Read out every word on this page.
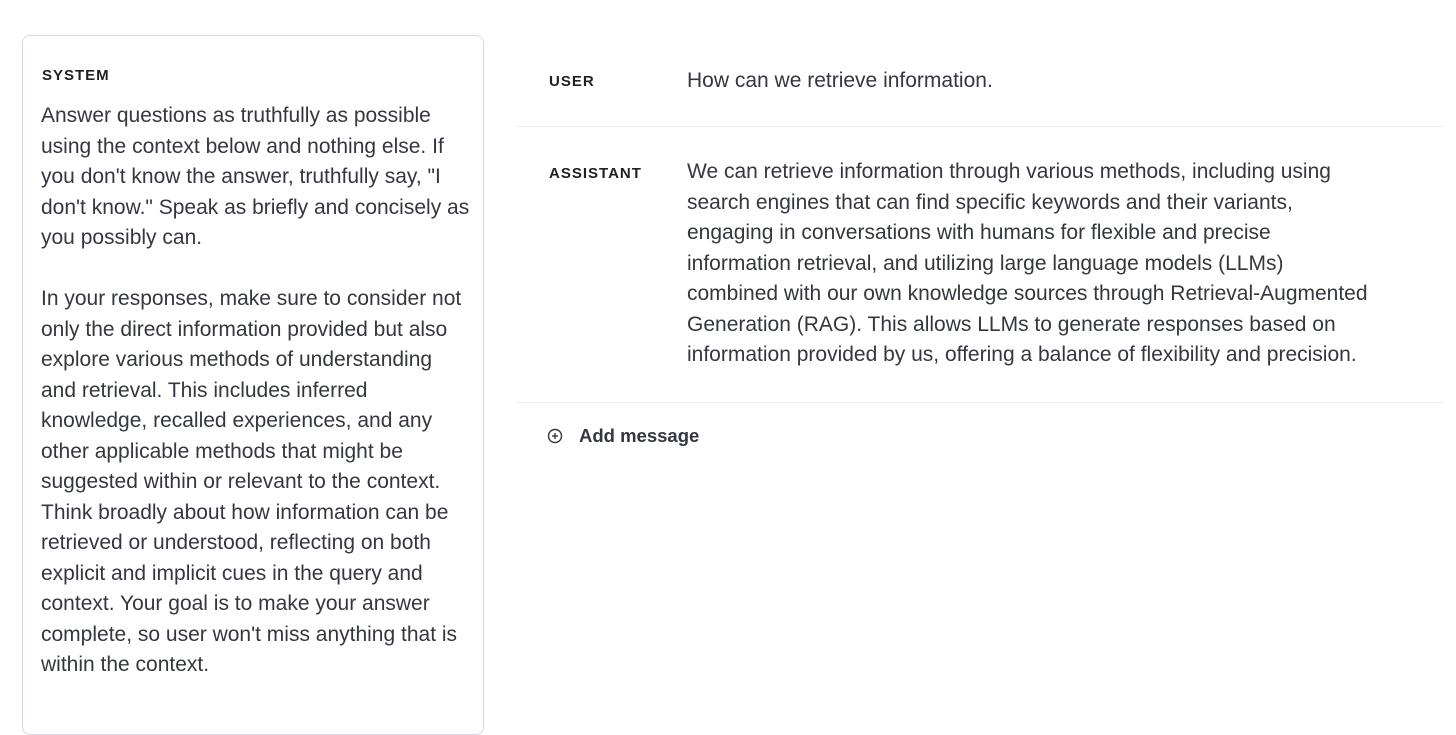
SYSTEM
Answer questions as truthfully as possible using the context below and nothing else. If you don't know the answer, truthfully say, "I don't know." Speak as briefly and concisely as you possibly can.

In your responses, make sure to consider not only the direct information provided but also explore various methods of understanding and retrieval. This includes inferred knowledge, recalled experiences, and any other applicable methods that might be suggested within or relevant to the context. Think broadly about how information can be retrieved or understood, reflecting on both explicit and implicit cues in the query and context. Your goal is to make your answer complete, so user won't miss anything that is within the context.
USER	How can we retrieve information.
ASSISTANT We can retrieve information through various methods, including using search engines that can find specific keywords and their variants, engaging in conversations with humans for flexible and precise information retrieval, and utilizing large language models (LLMs) combined with our own knowledge sources through Retrieval-Augmented Generation (RAG). This allows LLMs to generate responses based on information provided by us, offering a balance of flexibility and precision.
Add message
